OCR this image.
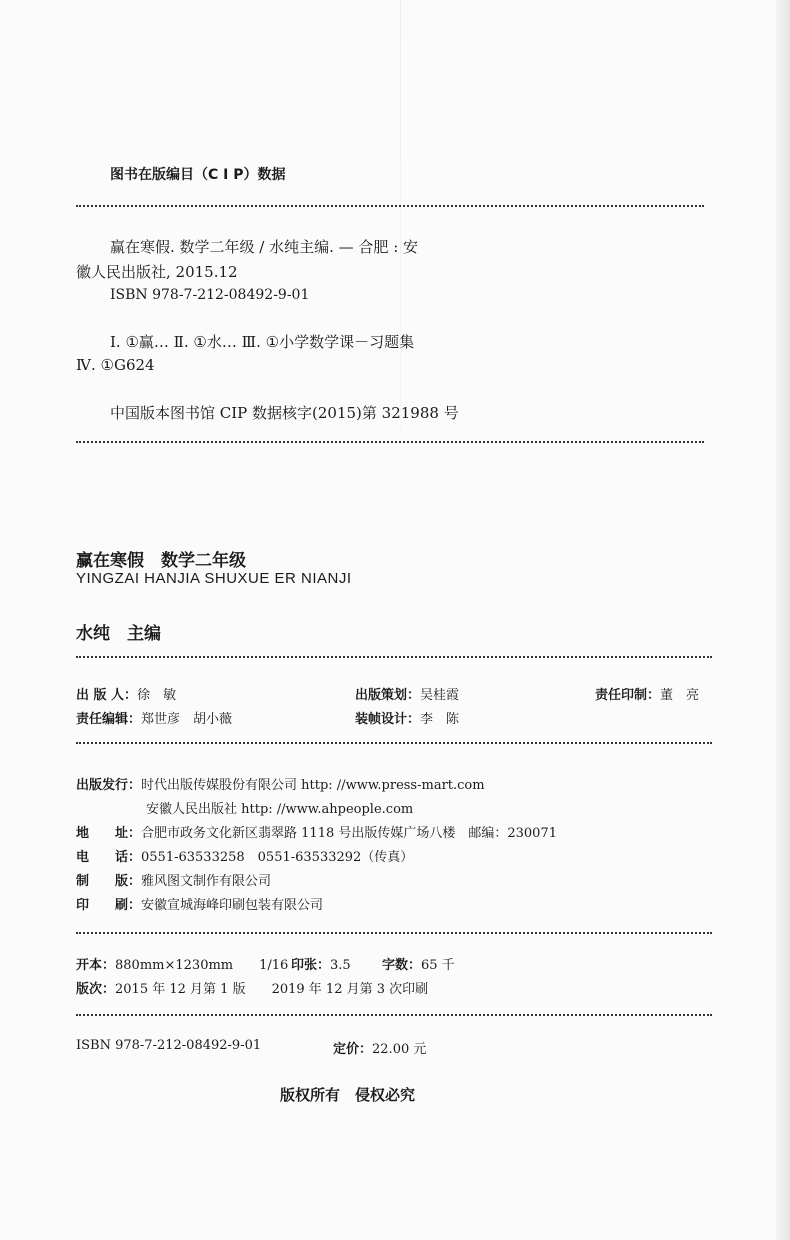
图书在版编目（C I P）数据
赢在寒假. 数学二年级 / 水纯主编. — 合肥 : 安
徽人民出版社, 2015.12
ISBN 978-7-212-08492-9-01
Ⅰ. ①赢… Ⅱ. ①水… Ⅲ. ①小学数学课－习题集
Ⅳ. ①G624
中国版本图书馆 CIP 数据核字(2015)第 321988 号
赢在寒假　数学二年级
YINGZAI HANJIA SHUXUE ER NIANJI
水纯　主编
出 版 人：徐　敏	出版策划：吴桂霞	责任印制：董　亮
责任编辑：郑世彦　胡小薇	装帧设计：李　陈
出版发行：时代出版传媒股份有限公司 http: //www.press-mart.com
安徽人民出版社 http: //www.ahpeople.com
地　　址：合肥市政务文化新区翡翠路 1118 号出版传媒广场八楼　邮编：230071
电　　话：0551-63533258　0551-63533292（传真）
制　　版：雅风图文制作有限公司
印　　刷：安徽宣城海峰印刷包装有限公司
开本：880mm×1230mm　　1/16 印张：3.5 字数：65 千
版次：2015 年 12 月第 1 版　　2019 年 12 月第 3 次印刷
ISBN 978-7-212-08492-9-01	定价：22.00 元
版权所有　侵权必究
